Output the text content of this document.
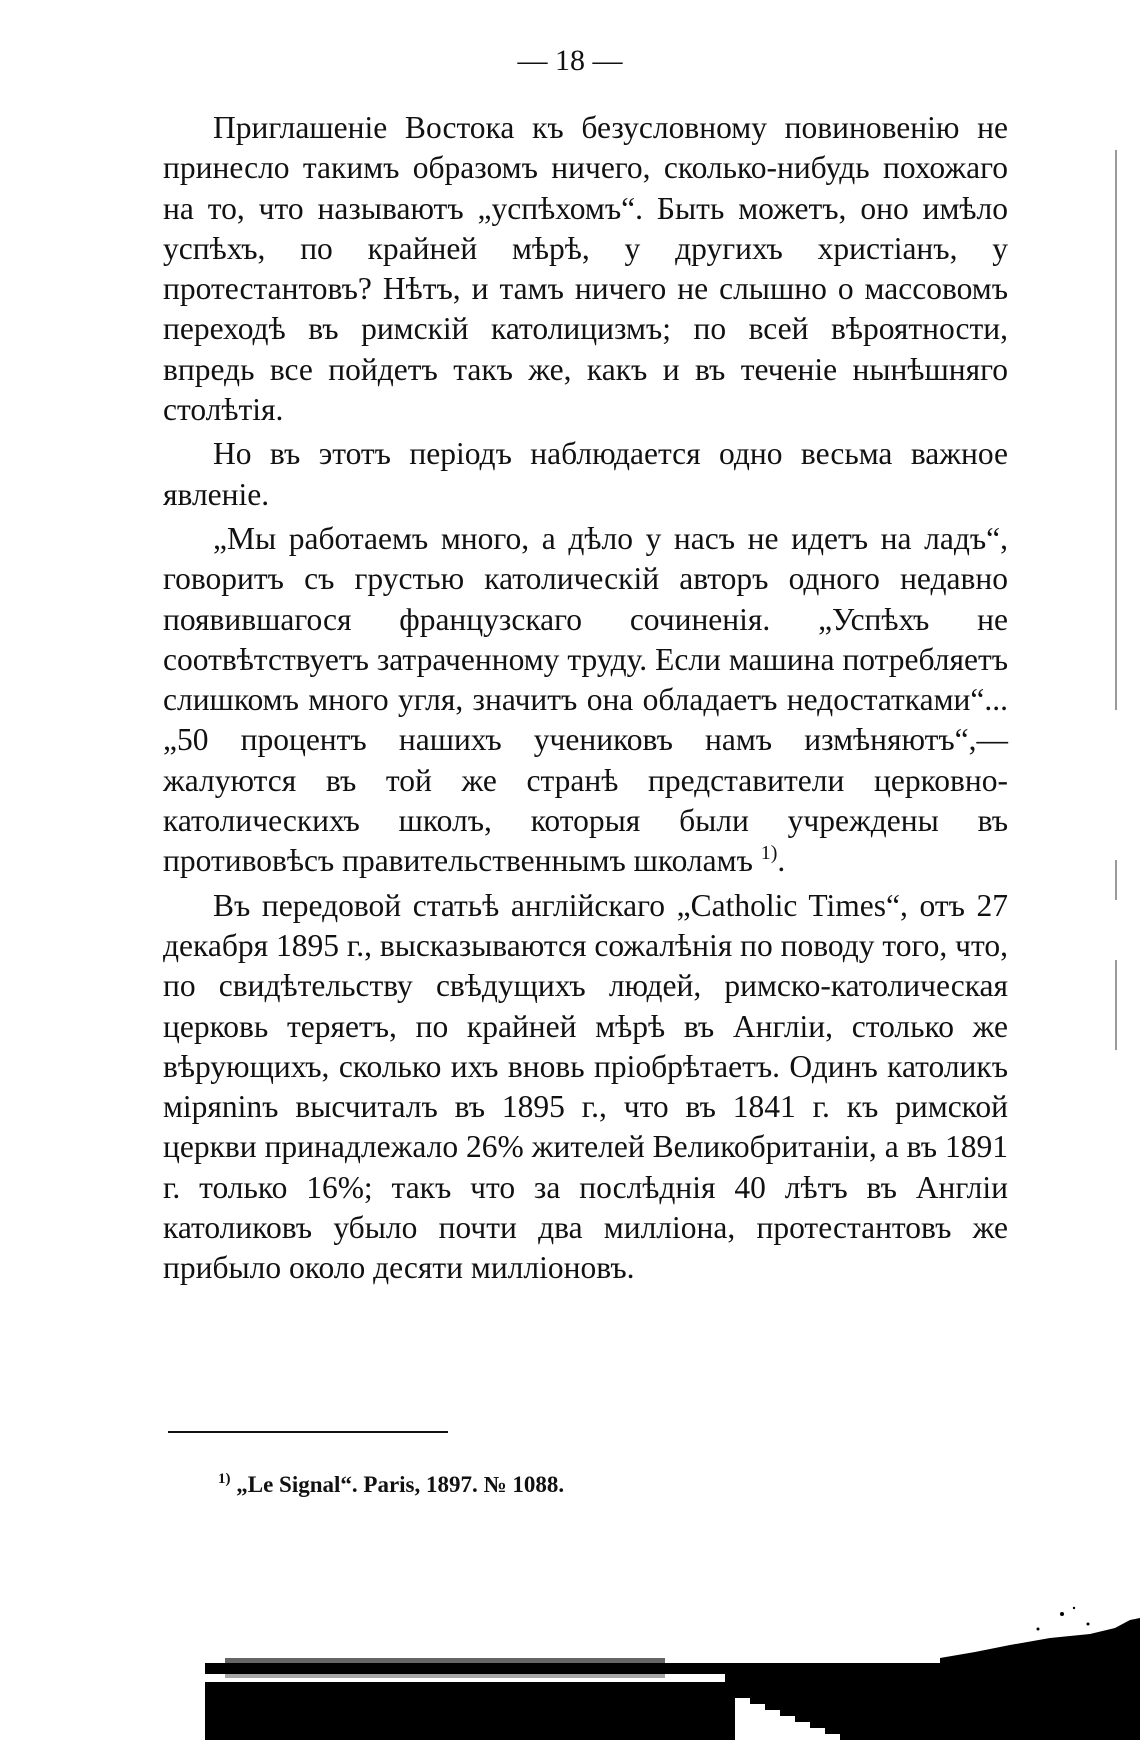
— 18 —

Приглашеніе Востока къ безусловному повиновенію не принесло такимъ образомъ ничего, сколько-нибудь похожаго на то, что называютъ „успѣхомъ“. Быть можетъ, оно имѣло успѣхъ, по крайней мѣрѣ, у другихъ христіанъ, у протестантовъ? Нѣтъ, и тамъ ничего не слышно о массовомъ переходѣ въ римскій католицизмъ; по всей вѣроятности, впредь все пойдетъ такъ же, какъ и въ теченіе нынѣшняго столѣтія.

Но въ этотъ періодъ наблюдается одно весьма важное явленіе.

„Мы работаемъ много, а дѣло у насъ не идетъ на ладъ“, говоритъ съ грустью католическій авторъ одного недавно появившагося французскаго сочиненія. „Успѣхъ не соотвѣтствуетъ затраченному труду. Если машина потребляетъ слишкомъ много угля, значитъ она обладаетъ недостатками“... „50 процентъ нашихъ учениковъ намъ измѣняютъ“,—жалуются въ той же странѣ представители церковно-католическихъ школъ, которыя были учреждены въ противовѣсъ правительственнымъ школамъ $^{1)}$.

Въ передовой статьѣ англійскаго „Catholic Times“, отъ 27 декабря 1895 г., высказываются сожалѣнія по поводу того, что, по свидѣтельству свѣдущихъ людей, римско-католическая церковь теряетъ, по крайней мѣрѣ въ Англіи, столько же вѣрующихъ, сколько ихъ вновь пріобрѣтаетъ. Одинъ католикъ міряninъ высчиталъ въ 1895 г., что въ 1841 г. къ римской церкви принадлежало 26% жителей Великобританіи, а въ 1891 г. только 16%; такъ что за послѣднія 40 лѣтъ въ Англіи католиковъ убыло почти два милліона, протестантовъ же прибыло около десяти милліоновъ.

$^{1)}$ „Le Signal“. Paris, 1897. № 1088.
